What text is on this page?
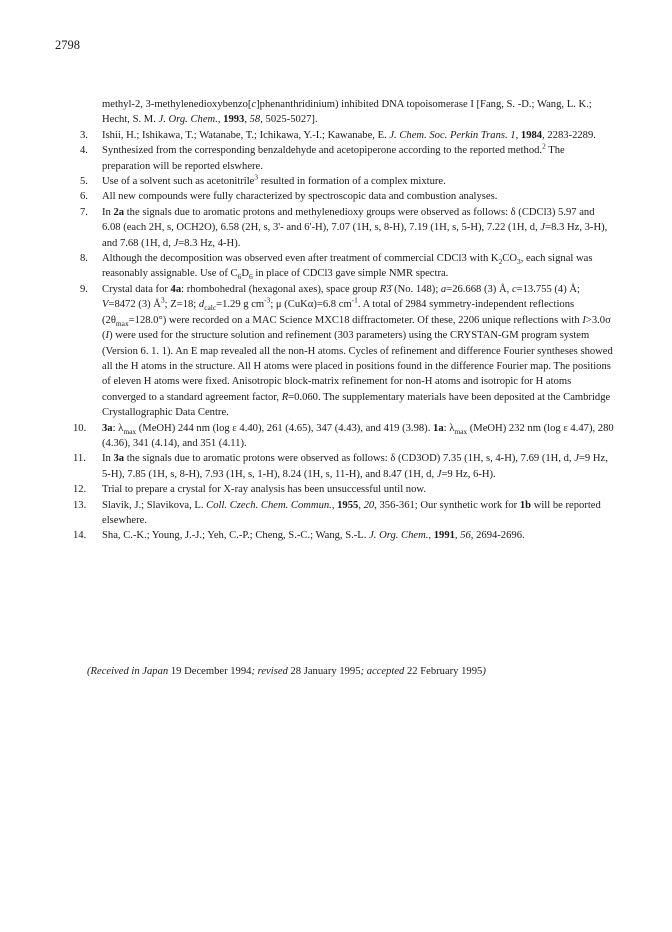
2798
methyl-2, 3-methylenedioxybenzo[c]phenanthridinium) inhibited DNA topoisomerase I [Fang, S. -D.; Wang, L. K.; Hecht, S. M. J. Org. Chem., 1993, 58, 5025-5027].
3. Ishii, H.; Ishikawa, T.; Watanabe, T.; Ichikawa, Y.-I.; Kawanabe, E. J. Chem. Soc. Perkin Trans. 1, 1984, 2283-2289.
4. Synthesized from the corresponding benzaldehyde and acetopiperone according to the reported method.$^2$ The preparation will be reported elswhere.
5. Use of a solvent such as acetonitrile$^3$ resulted in formation of a complex mixture.
6. All new compounds were fully characterized by spectroscopic data and combustion analyses.
7. In 2a the signals due to aromatic protons and methylenedioxy groups were observed as follows: δ (CDCl3) 5.97 and 6.08 (each 2H, s, OCH2O), 6.58 (2H, s, 3'- and 6'-H), 7.07 (1H, s, 8-H), 7.19 (1H, s, 5-H), 7.22 (1H, d, J=8.3 Hz, 3-H), and 7.68 (1H, d, J=8.3 Hz, 4-H).
8. Although the decomposition was observed even after treatment of commercial CDCl3 with $K_2CO_3$, each signal was reasonably assignable. Use of $C_6D_6$ in place of CDCl3 gave simple NMR spectra.
9. Crystal data for 4a: rhombohedral (hexagonal axes), space group R3̄ (No. 148); a=26.668 (3) Å, c=13.755 (4) Å; V=8472 (3) $Å^3$; Z=18; $d_{calc}=1.29$ g $cm^{-3}$; μ (CuKα)=6.8 $cm^{-1}$. A total of 2984 symmetry-independent reflections $(2\theta_{max}=128.0^\circ)$ were recorded on a MAC Science MXC18 diffractometer. Of these, 2206 unique reflections with I>3.0σ (I) were used for the structure solution and refinement (303 parameters) using the CRYSTAN-GM program system (Version 6. 1. 1). An E map revealed all the non-H atoms. Cycles of refinement and difference Fourier syntheses showed all the H atoms in the structure. All H atoms were placed in positions found in the difference Fourier map. The positions of eleven H atoms were fixed. Anisotropic block-matrix refinement for non-H atoms and isotropic for H atoms converged to a standard agreement factor, R=0.060. The supplementary materials have been deposited at the Cambridge Crystallographic Data Centre.
10. 3a: $\lambda_{max}$ (MeOH) 244 nm (log ε 4.40), 261 (4.65), 347 (4.43), and 419 (3.98). 1a: $\lambda_{max}$ (MeOH) 232 nm (log ε 4.47), 280 (4.36), 341 (4.14), and 351 (4.11).
11. In 3a the signals due to aromatic protons were observed as follows: δ (CD3OD) 7.35 (1H, s, 4-H), 7.69 (1H, d, J=9 Hz, 5-H), 7.85 (1H, s, 8-H), 7.93 (1H, s, 1-H), 8.24 (1H, s, 11-H), and 8.47 (1H, d, J=9 Hz, 6-H).
12. Trial to prepare a crystal for X-ray analysis has been unsuccessful until now.
13. Slavik, J.; Slavikova, L. Coll. Czech. Chem. Commun., 1955, 20, 356-361; Our synthetic work for 1b will be reported elsewhere.
14. Sha, C.-K.; Young, J.-J.; Yeh, C.-P.; Cheng, S.-C.; Wang, S.-L. J. Org. Chem., 1991, 56, 2694-2696.
(Received in Japan 19 December 1994; revised 28 January 1995; accepted 22 February 1995)
